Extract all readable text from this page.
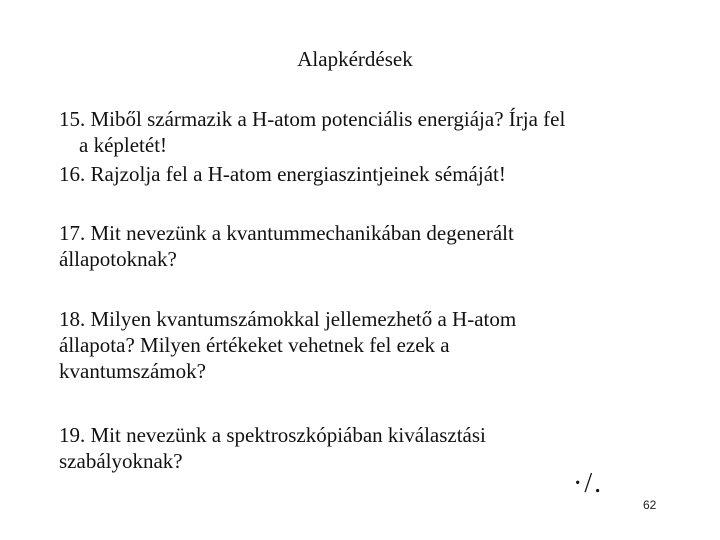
Alapkérdések
15. Miből származik a H-atom potenciális energiája? Írja fel
a képletét!
16. Rajzolja fel a H-atom energiaszintjeinek sémáját!
17. Mit nevezünk a kvantummechanikában degenerált
állapotoknak?
18. Milyen kvantumszámokkal jellemezhető a H-atom
állapota? Milyen értékeket vehetnek fel ezek a
kvantumszámok?
19. Mit nevezünk a spektroszkópiában kiválasztási
szabályoknak?
·/.
62
